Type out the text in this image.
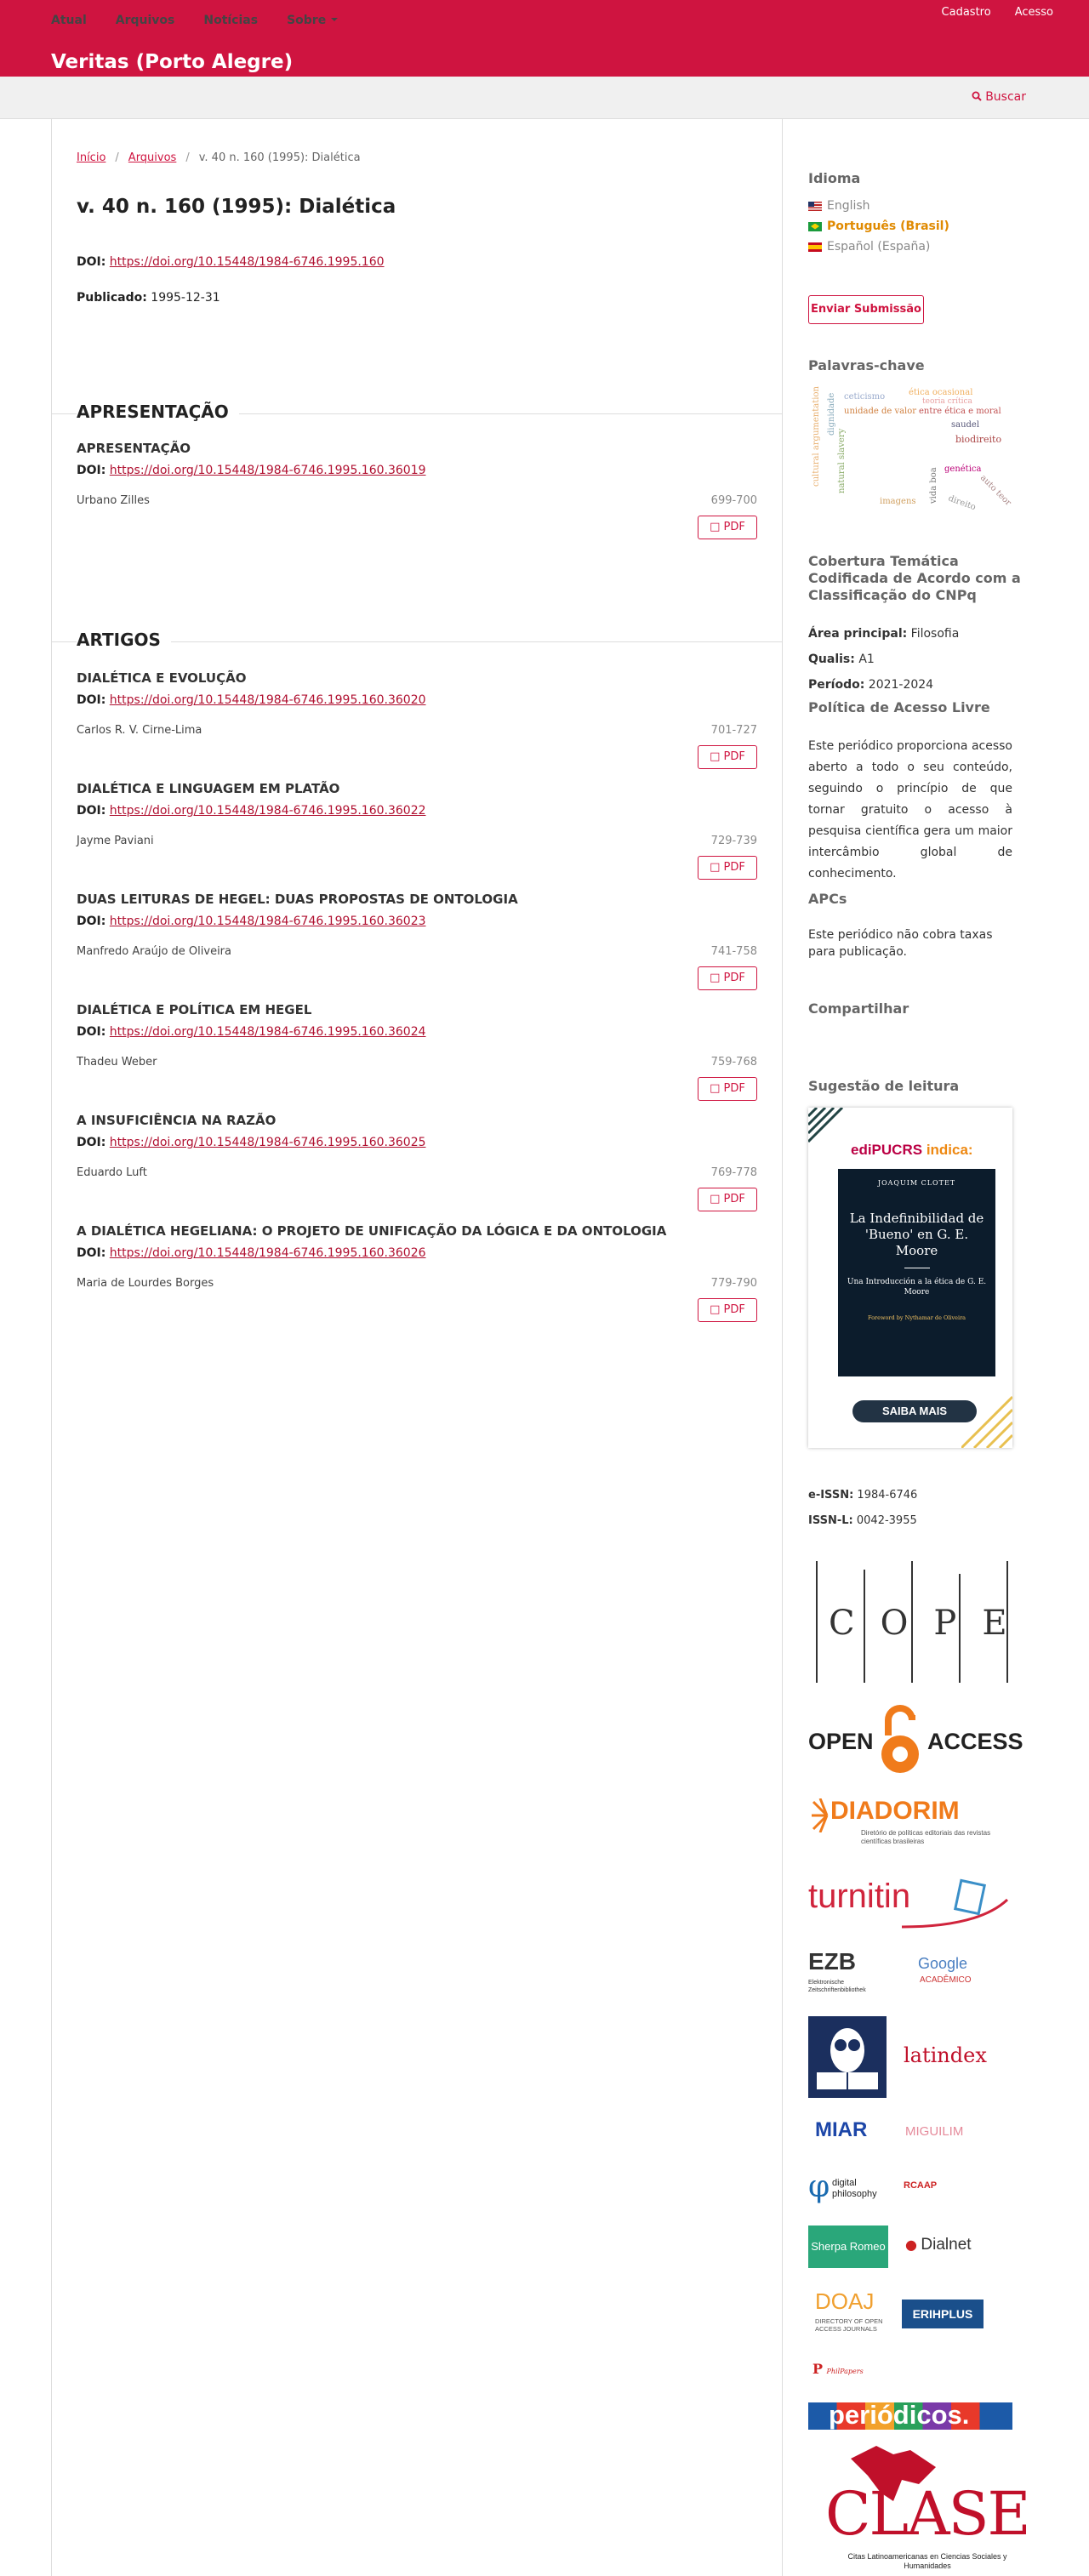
Cadastro Acesso
Veritas (Porto Alegre)
Atual Arquivos Notícias Sobre
Buscar
Início / Arquivos / v. 40 n. 160 (1995): Dialética
v. 40 n. 160 (1995): Dialética
DOI: https://doi.org/10.15448/1984-6746.1995.160
Publicado: 1995-12-31
APRESENTAÇÃO
APRESENTAÇÃO
DOI: https://doi.org/10.15448/1984-6746.1995.160.36019
Urbano Zilles	699-700
□ PDF
ARTIGOS
DIALÉTICA E EVOLUÇÃO
DOI: https://doi.org/10.15448/1984-6746.1995.160.36020
Carlos R. V. Cirne-Lima	701-727
□ PDF
DIALÉTICA E LINGUAGEM EM PLATÃO
DOI: https://doi.org/10.15448/1984-6746.1995.160.36022
Jayme Paviani	729-739
□ PDF
DUAS LEITURAS DE HEGEL: DUAS PROPOSTAS DE ONTOLOGIA
DOI: https://doi.org/10.15448/1984-6746.1995.160.36023
Manfredo Araújo de Oliveira	741-758
□ PDF
DIALÉTICA E POLÍTICA EM HEGEL
DOI: https://doi.org/10.15448/1984-6746.1995.160.36024
Thadeu Weber	759-768
□ PDF
A INSUFICIÊNCIA NA RAZÃO
DOI: https://doi.org/10.15448/1984-6746.1995.160.36025
Eduardo Luft	769-778
□ PDF
A DIALÉTICA HEGELIANA: O PROJETO DE UNIFICAÇÃO DA LÓGICA E DA ONTOLOGIA
DOI: https://doi.org/10.15448/1984-6746.1995.160.36026
Maria de Lourdes Borges	779-790
□ PDF
Idioma
English
Português (Brasil)
Español (España)
Enviar Submissão
Palavras-chave
ética ocasional
teoria crítica
ceticismo
unidade de valor entre ética e moral
dignidade	saudel
biodireito
cultural argumentation natural slavery	vida boa direito auto teor
genética
imagens
Cobertura Temática Codificada de Acordo com a Classificação do CNPq
Área principal: Filosofia
Qualis: A1
Período: 2021-2024
Política de Acesso Livre
Este periódico proporciona acesso aberto a todo o seu conteúdo, seguindo o princípio de que tornar gratuito o acesso à pesquisa científica gera um maior intercâmbio global de conhecimento.
APCs
Este periódico não cobra taxas para publicação.
Compartilhar
Sugestão de leitura
ediPUCRS indica:
JOAQUIM CLOTET
La Indefinibilidad de 'Bueno' en G. E. Moore
Una Introducción a la ética de G. E. Moore
Foreword by Nythamar de Oliveira
SAIBA MAIS
e-ISSN: 1984-6746
ISSN-L: 0042-3955
COPE
OPEN ACCESS
DIADORIM
Diretório de políticas editoriais das revistas científicas brasileiras
turnitin
EZB
Elektronische Zeitschriftenbibliothek
Google
ACADÊMICO
latindex
MIAR	MIGUILIM
φ digital philosophy
RCAAP
Sherpa Romeo ● Dialnet
DOAJ
DIRECTORY OF OPEN ACCESS JOURNALS
ERIHPLUS
P PhilPapers
periódicos.
CLASE
Citas Latinoamericanas en Ciencias Sociales y Humanidades
